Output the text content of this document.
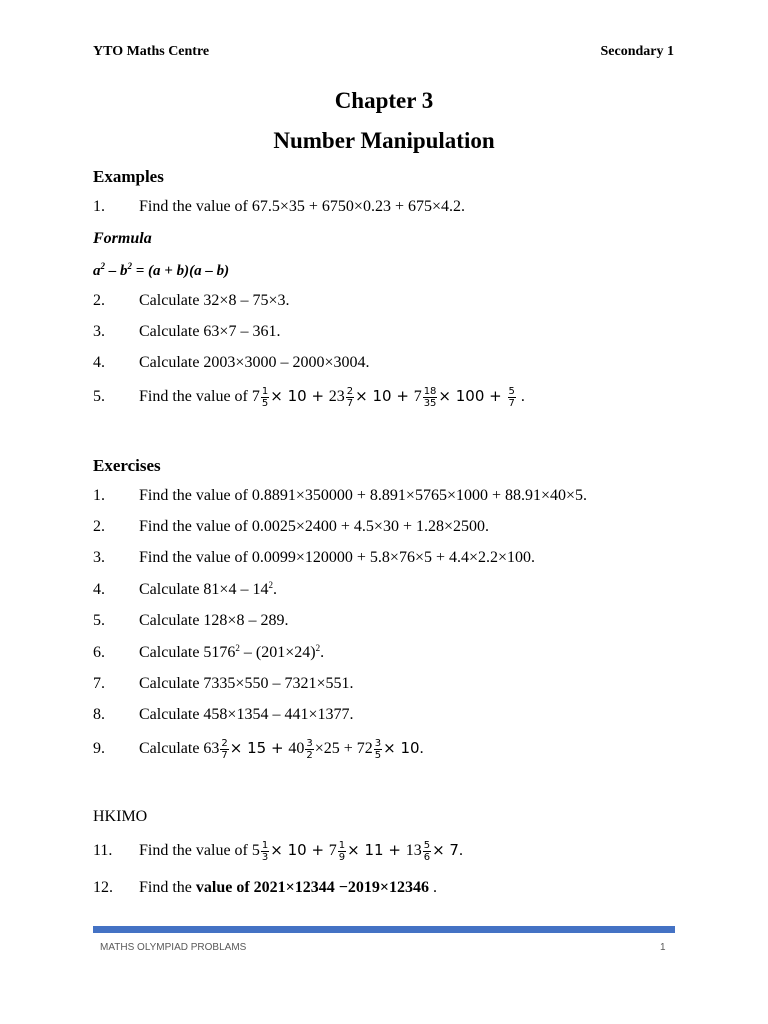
YTO Maths Centre	Secondary 1
Chapter 3
Number Manipulation
Examples
1. Find the value of 67.5×35 + 6750×0.23 + 675×4.2.
Formula
$a^2 - b^2 = (a + b)(a - b)$
2. Calculate 32×8 – 75×3.
3. Calculate 63×7 – 361.
4. Calculate 2003×3000 – 2000×3004.
5. Find the value of $7 \frac{1}{5} \times 10 + 23 \frac{2}{7} \times 10 + 7 \frac{18}{35} \times 100 + \frac{5}{7}$ .
Exercises
1. Find the value of 0.8891×350000 + 8.891×5765×1000 + 88.91×40×5.
2. Find the value of 0.0025×2400 + 4.5×30 + 1.28×2500.
3. Find the value of 0.0099×120000 + 5.8×76×5 + 4.4×2.2×100.
4. Calculate $81\times 4 - 14^2$.
5. Calculate 128×8 – 289.
6. Calculate $5176^2 - (201\times 24)^2$.
7. Calculate 7335×550 – 7321×551.
8. Calculate 458×1354 – 441×1377.
9. Calculate $63 \frac{2}{7} \times 15 + 40 \frac{3}{2} \times 25 + 72 \frac{3}{5} \times 10$.
HKIMO
11. Find the value of $5 \frac{1}{3} \times 10 + 7 \frac{1}{9} \times 11 + 13 \frac{5}{6} \times 7$.
12. Find the value of 2021×12344 −2019×12346 .
MATHS OLYMPIAD PROBLAMS	1
